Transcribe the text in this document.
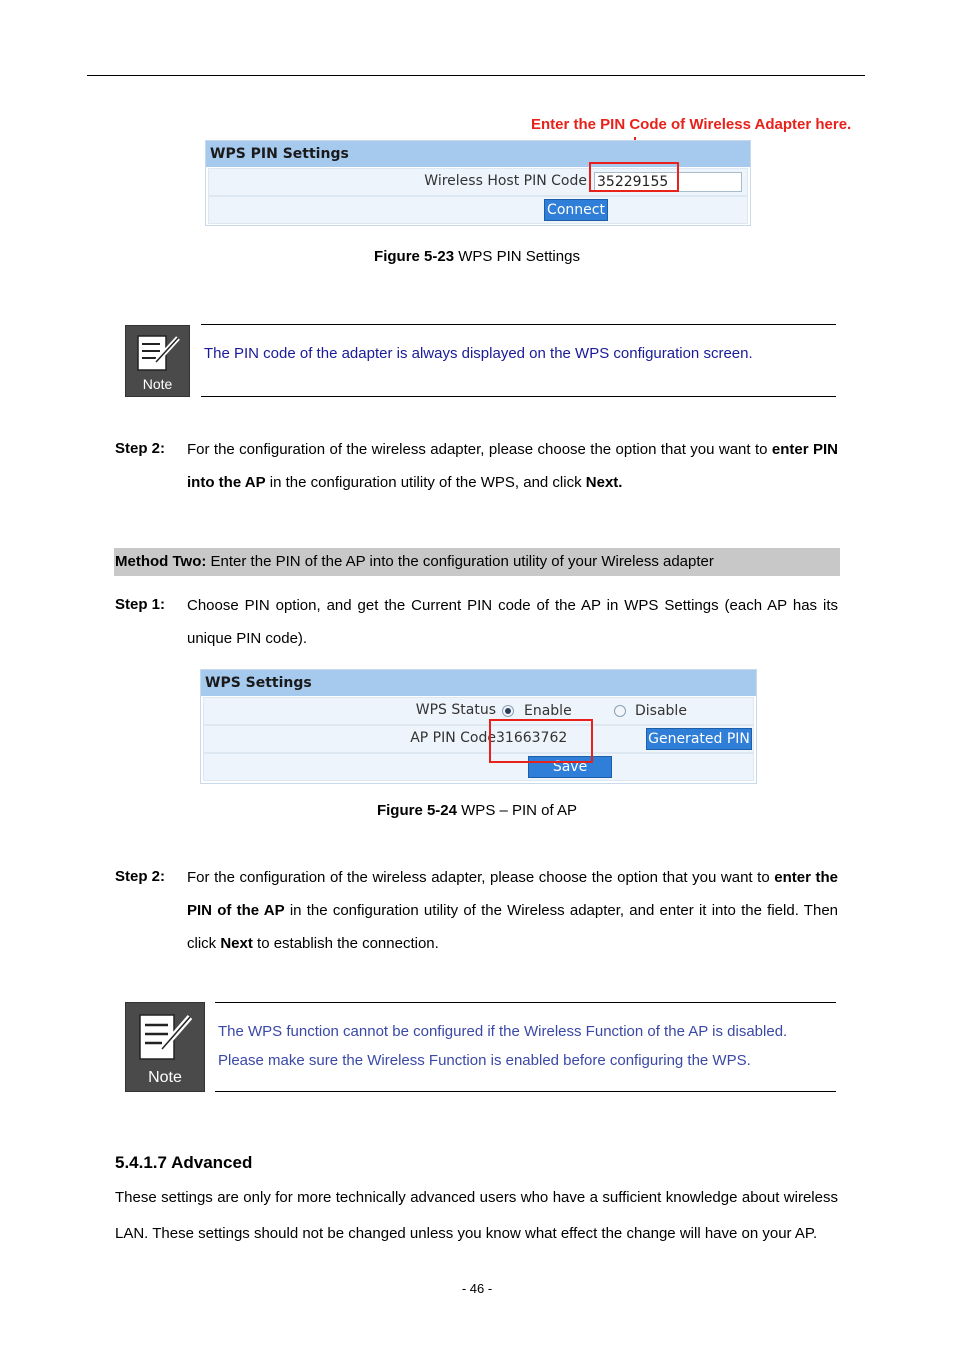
Enter the PIN Code of Wireless Adapter here.
WPS PIN Settings
Wireless Host PIN Code
35229155
Connect
Figure 5-23 WPS PIN Settings
Note
The PIN code of the adapter is always displayed on the WPS configuration screen.
Step 2: For the configuration of the wireless adapter, please choose the option that you want to enter PIN into the AP in the configuration utility of the WPS, and click Next.
Method Two: Enter the PIN of the AP into the configuration utility of your Wireless adapter
Step 1: Choose PIN option, and get the Current PIN code of the AP in WPS Settings (each AP has its unique PIN code).
WPS Settings
WPS Status Enable	Disable
AP PIN Code 31663762	Generated PIN
Save
Figure 5-24 WPS – PIN of AP
Step 2: For the configuration of the wireless adapter, please choose the option that you want to enter the PIN of the AP in the configuration utility of the Wireless adapter, and enter it into the field. Then click Next to establish the connection.
Note
The WPS function cannot be configured if the Wireless Function of the AP is disabled.
Please make sure the Wireless Function is enabled before configuring the WPS.
5.4.1.7 Advanced
These settings are only for more technically advanced users who have a sufficient knowledge about wireless LAN. These settings should not be changed unless you know what effect the change will have on your AP.
- 46 -
